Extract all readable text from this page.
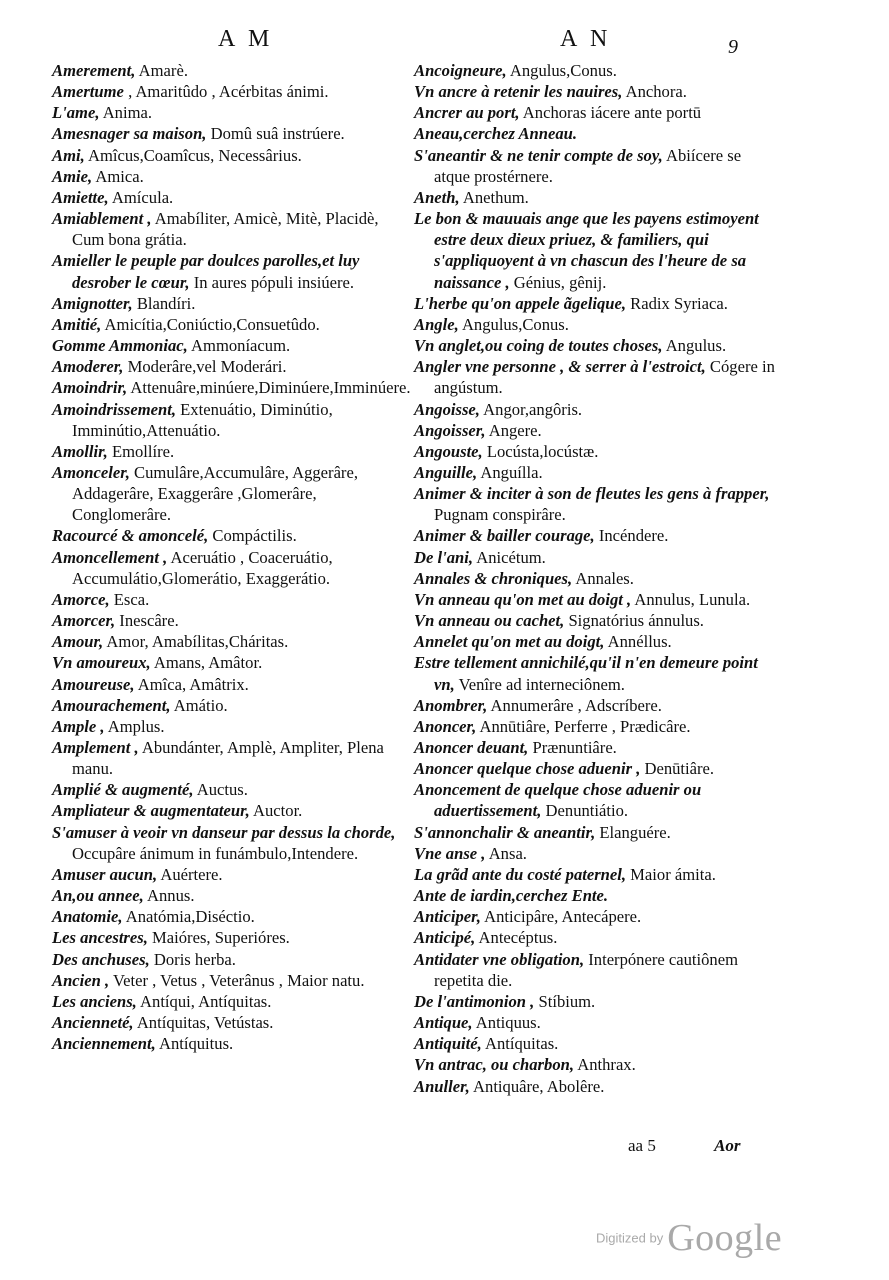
A M	A N	9
Amerement, Amarè.
Amertume , Amaritûdo , Acérbitas ánimi.
L'ame, Anima.
Amesnager sa maison, Domû suâ instrúere.
Ami, Amîcus,Coamîcus, Necessârius.
Amie, Amica.
Amiette, Amícula.
Amiablement , Amabíliter, Amicè, Mitè, Placidè, Cum bona grátia.
Amieller le peuple par doulces parolles,et luy desrober le cœur, In aures pópuli insiúere.
Amignotter, Blandíri.
Amitié, Amicítia,Coniúctio,Consuetûdo.
Gomme Ammoniac, Ammoníacum.
Amoderer, Moderâre,vel Moderári.
Amoindrir, Attenuâre,minúere,Diminúere,Imminúere.
Amoindrissement, Extenuátio, Diminútio, Imminútio,Attenuátio.
Amollir, Emollíre.
Amonceler, Cumulâre,Accumulâre, Aggerâre, Addagerâre, Exaggerâre ,Glomerâre, Conglomerâre.
Racourcé & amoncelé, Compáctilis.
Amoncellement , Aceruátio , Coaceruátio, Accumulátio,Glomerátio, Exaggerátio.
Amorce, Esca.
Amorcer, Inescâre.
Amour, Amor, Amabílitas,Cháritas.
Vn amoureux, Amans, Amâtor.
Amoureuse, Amîca, Amâtrix.
Amourachement, Amátio.
Ample , Amplus.
Amplement , Abundánter, Amplè, Ampliter, Plena manu.
Amplié & augmenté, Auctus.
Ampliateur & augmentateur, Auctor.
S'amuser à veoir vn danseur par dessus la chorde, Occupâre ánimum in funámbulo,Intendere.
Amuser aucun, Auértere.
An,ou annee, Annus.
Anatomie, Anatómia,Diséctio.
Les ancestres, Maióres, Superióres.
Des anchuses, Doris herba.
Ancien , Veter , Vetus , Veterânus , Maior natu.
Les anciens, Antíqui, Antíquitas.
Ancienneté, Antíquitas, Vetústas.
Anciennement, Antíquitus.
Ancoigneure, Angulus,Conus.
Vn ancre à retenir les nauires, Anchora.
Ancrer au port, Anchoras iácere ante portū
Aneau,cerchez Anneau.
S'aneantir & ne tenir compte de soy, Abiícere se atque prostérnere.
Aneth, Anethum.
Le bon & mauuais ange que les payens estimoyent estre deux dieux priuez, & familiers, qui s'appliquoyent à vn chascun des l'heure de sa naissance , Génius, gênij.
L'herbe qu'on appele ãgelique, Radix Syriaca.
Angle, Angulus,Conus.
Vn anglet,ou coing de toutes choses, Angulus.
Angler vne personne , & serrer à l'estroict, Cógere in angústum.
Angoisse, Angor,angôris.
Angoisser, Angere.
Angouste, Locústa,locústæ.
Anguille, Anguílla.
Animer & inciter à son de fleutes les gens à frapper, Pugnam conspirâre.
Animer & bailler courage, Incéndere.
De l'ani, Anicétum.
Annales & chroniques, Annales.
Vn anneau qu'on met au doigt , Annulus, Lunula.
Vn anneau ou cachet, Signatórius ánnulus.
Annelet qu'on met au doigt, Annéllus.
Estre tellement annichilé,qu'il n'en demeure point vn, Venîre ad interneciônem.
Anombrer, Annumerâre , Adscríbere.
Anoncer, Annūtiâre, Perferre , Prædicâre.
Anoncer deuant, Prænuntiâre.
Anoncer quelque chose aduenir , Denūtiâre.
Anoncement de quelque chose aduenir ou aduertissement, Denuntiátio.
S'annonchalir & aneantir, Elanguére.
Vne anse , Ansa.
La grãd ante du costé paternel, Maior ámita.
Ante de iardin,cerchez Ente.
Anticiper, Anticipâre, Antecápere.
Anticipé, Antecéptus.
Antidater vne obligation, Interpónere cautiônem repetita die.
De l'antimonion , Stíbium.
Antique, Antiquus.
Antiquité, Antíquitas.
Vn antrac, ou charbon, Anthrax.
Anuller, Antiquâre, Abolêre.
aa 5	Aor
Digitized by Google
